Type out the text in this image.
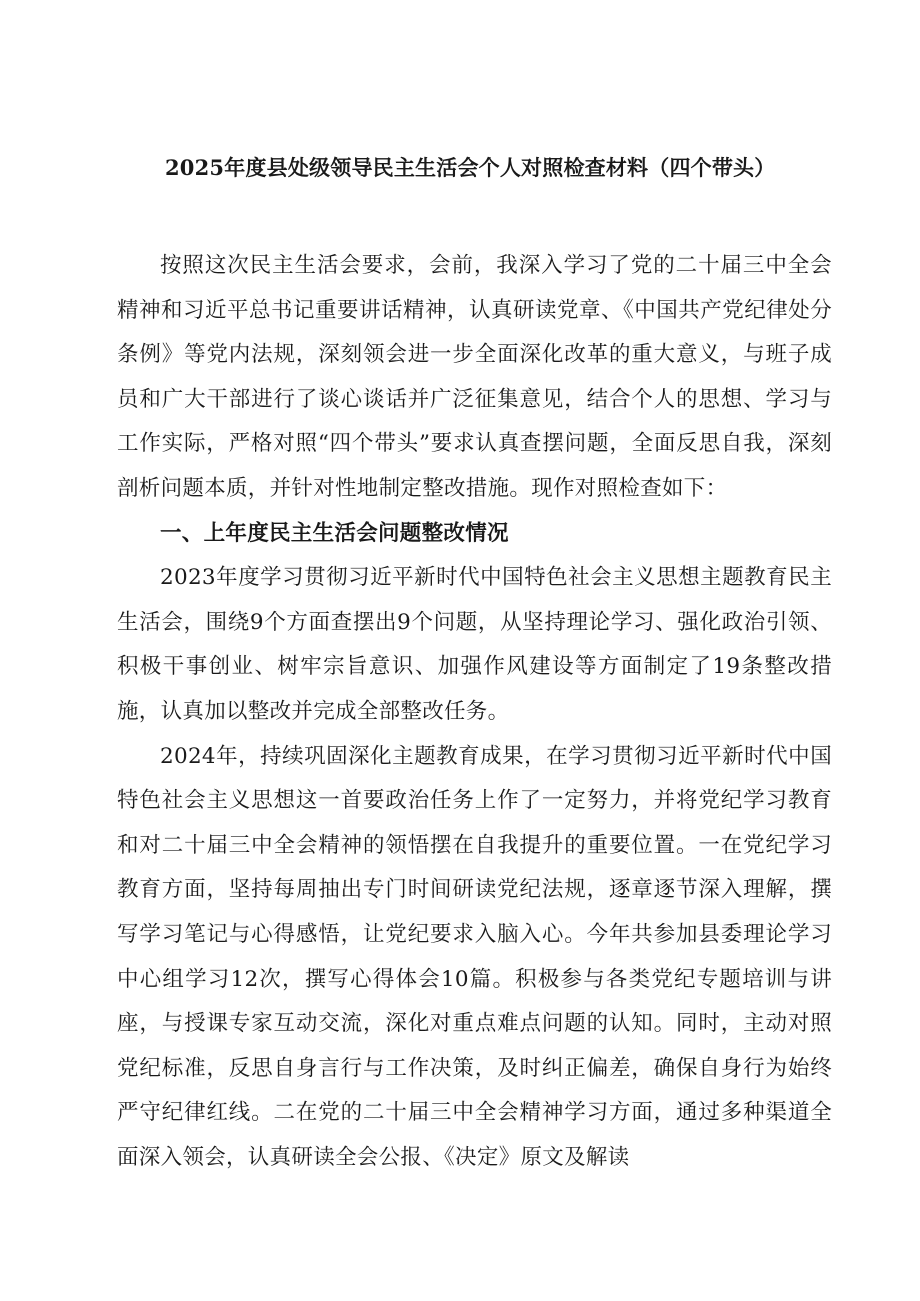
2025年度县处级领导民主生活会个人对照检查材料（四个带头）

按照这次民主生活会要求，会前，我深入学习了党的二十届三中全会精神和习近平总书记重要讲话精神，认真研读党章、《中国共产党纪律处分条例》等党内法规，深刻领会进一步全面深化改革的重大意义，与班子成员和广大干部进行了谈心谈话并广泛征集意见，结合个人的思想、学习与工作实际，严格对照“四个带头”要求认真查摆问题，全面反思自我，深刻剖析问题本质，并针对性地制定整改措施。现作对照检查如下：

一、上年度民主生活会问题整改情况

2023年度学习贯彻习近平新时代中国特色社会主义思想主题教育民主生活会，围绕9个方面查摆出9个问题，从坚持理论学习、强化政治引领、积极干事创业、树牢宗旨意识、加强作风建设等方面制定了19条整改措施，认真加以整改并完成全部整改任务。

2024年，持续巩固深化主题教育成果，在学习贯彻习近平新时代中国特色社会主义思想这一首要政治任务上作了一定努力，并将党纪学习教育和对二十届三中全会精神的领悟摆在自我提升的重要位置。一在党纪学习教育方面，坚持每周抽出专门时间研读党纪法规，逐章逐节深入理解，撰写学习笔记与心得感悟，让党纪要求入脑入心。今年共参加县委理论学习中心组学习12次，撰写心得体会10篇。积极参与各类党纪专题培训与讲座，与授课专家互动交流，深化对重点难点问题的认知。同时，主动对照党纪标准，反思自身言行与工作决策，及时纠正偏差，确保自身行为始终严守纪律红线。二在党的二十届三中全会精神学习方面，通过多种渠道全面深入领会，认真研读全会公报、《决定》原文及解读
